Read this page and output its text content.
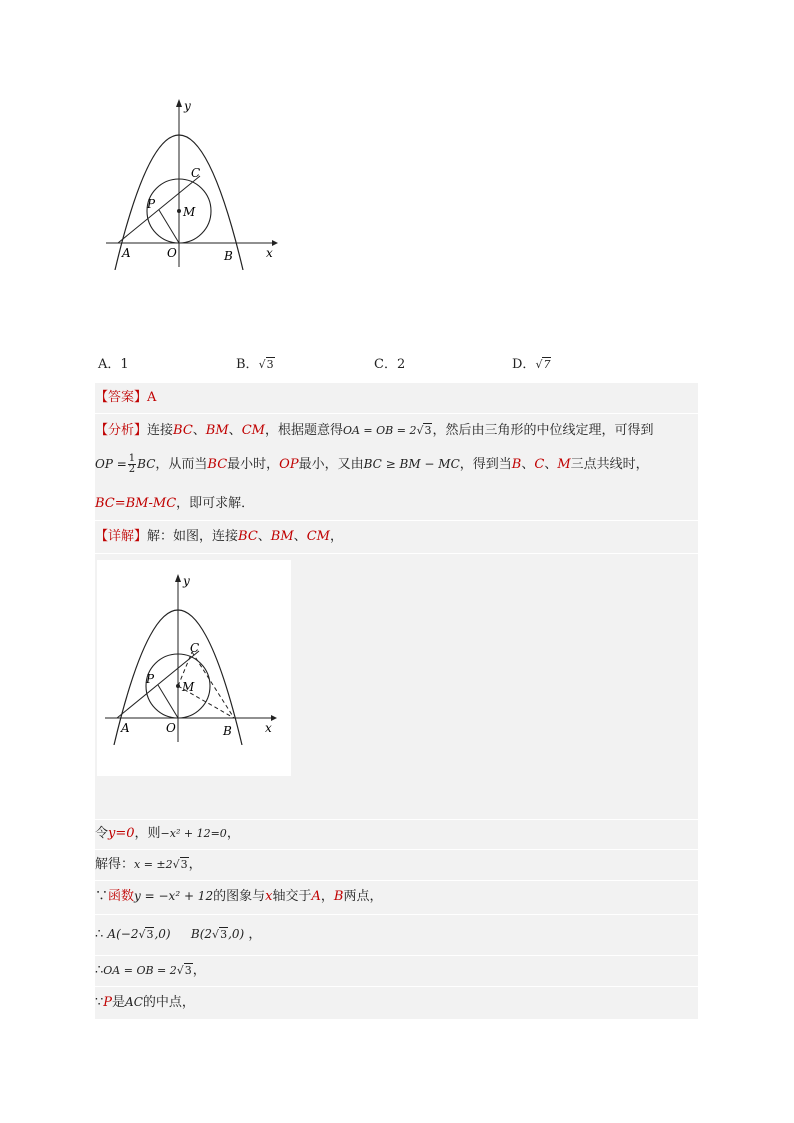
y
x
C
P
M
A	O	B
A．1	B．√3	C．2	D．√7
【答案】A
【分析】连接BC、BM、CM，根据题意得OA = OB = 2√3，然后由三角形的中位线定理，可得到
OP = $\frac{1}{2}$ BC，从而当BC最小时，OP最小，又由BC ≥ BM − MC，得到当B、C、M三点共线时，
BC=BM-MC，即可求解．
【详解】解：如图，连接BC、BM、CM，
y
x
C
P
M
A	O	B
令y=0，则−x² + 12=0，
解得：x = ±2√3，
∵函数y = −x² + 12的图象与x轴交于A，B两点，
∴ A(−2√3,0) B(2√3,0) ，
∴OA = OB = 2√3，
∵P是AC的中点，
